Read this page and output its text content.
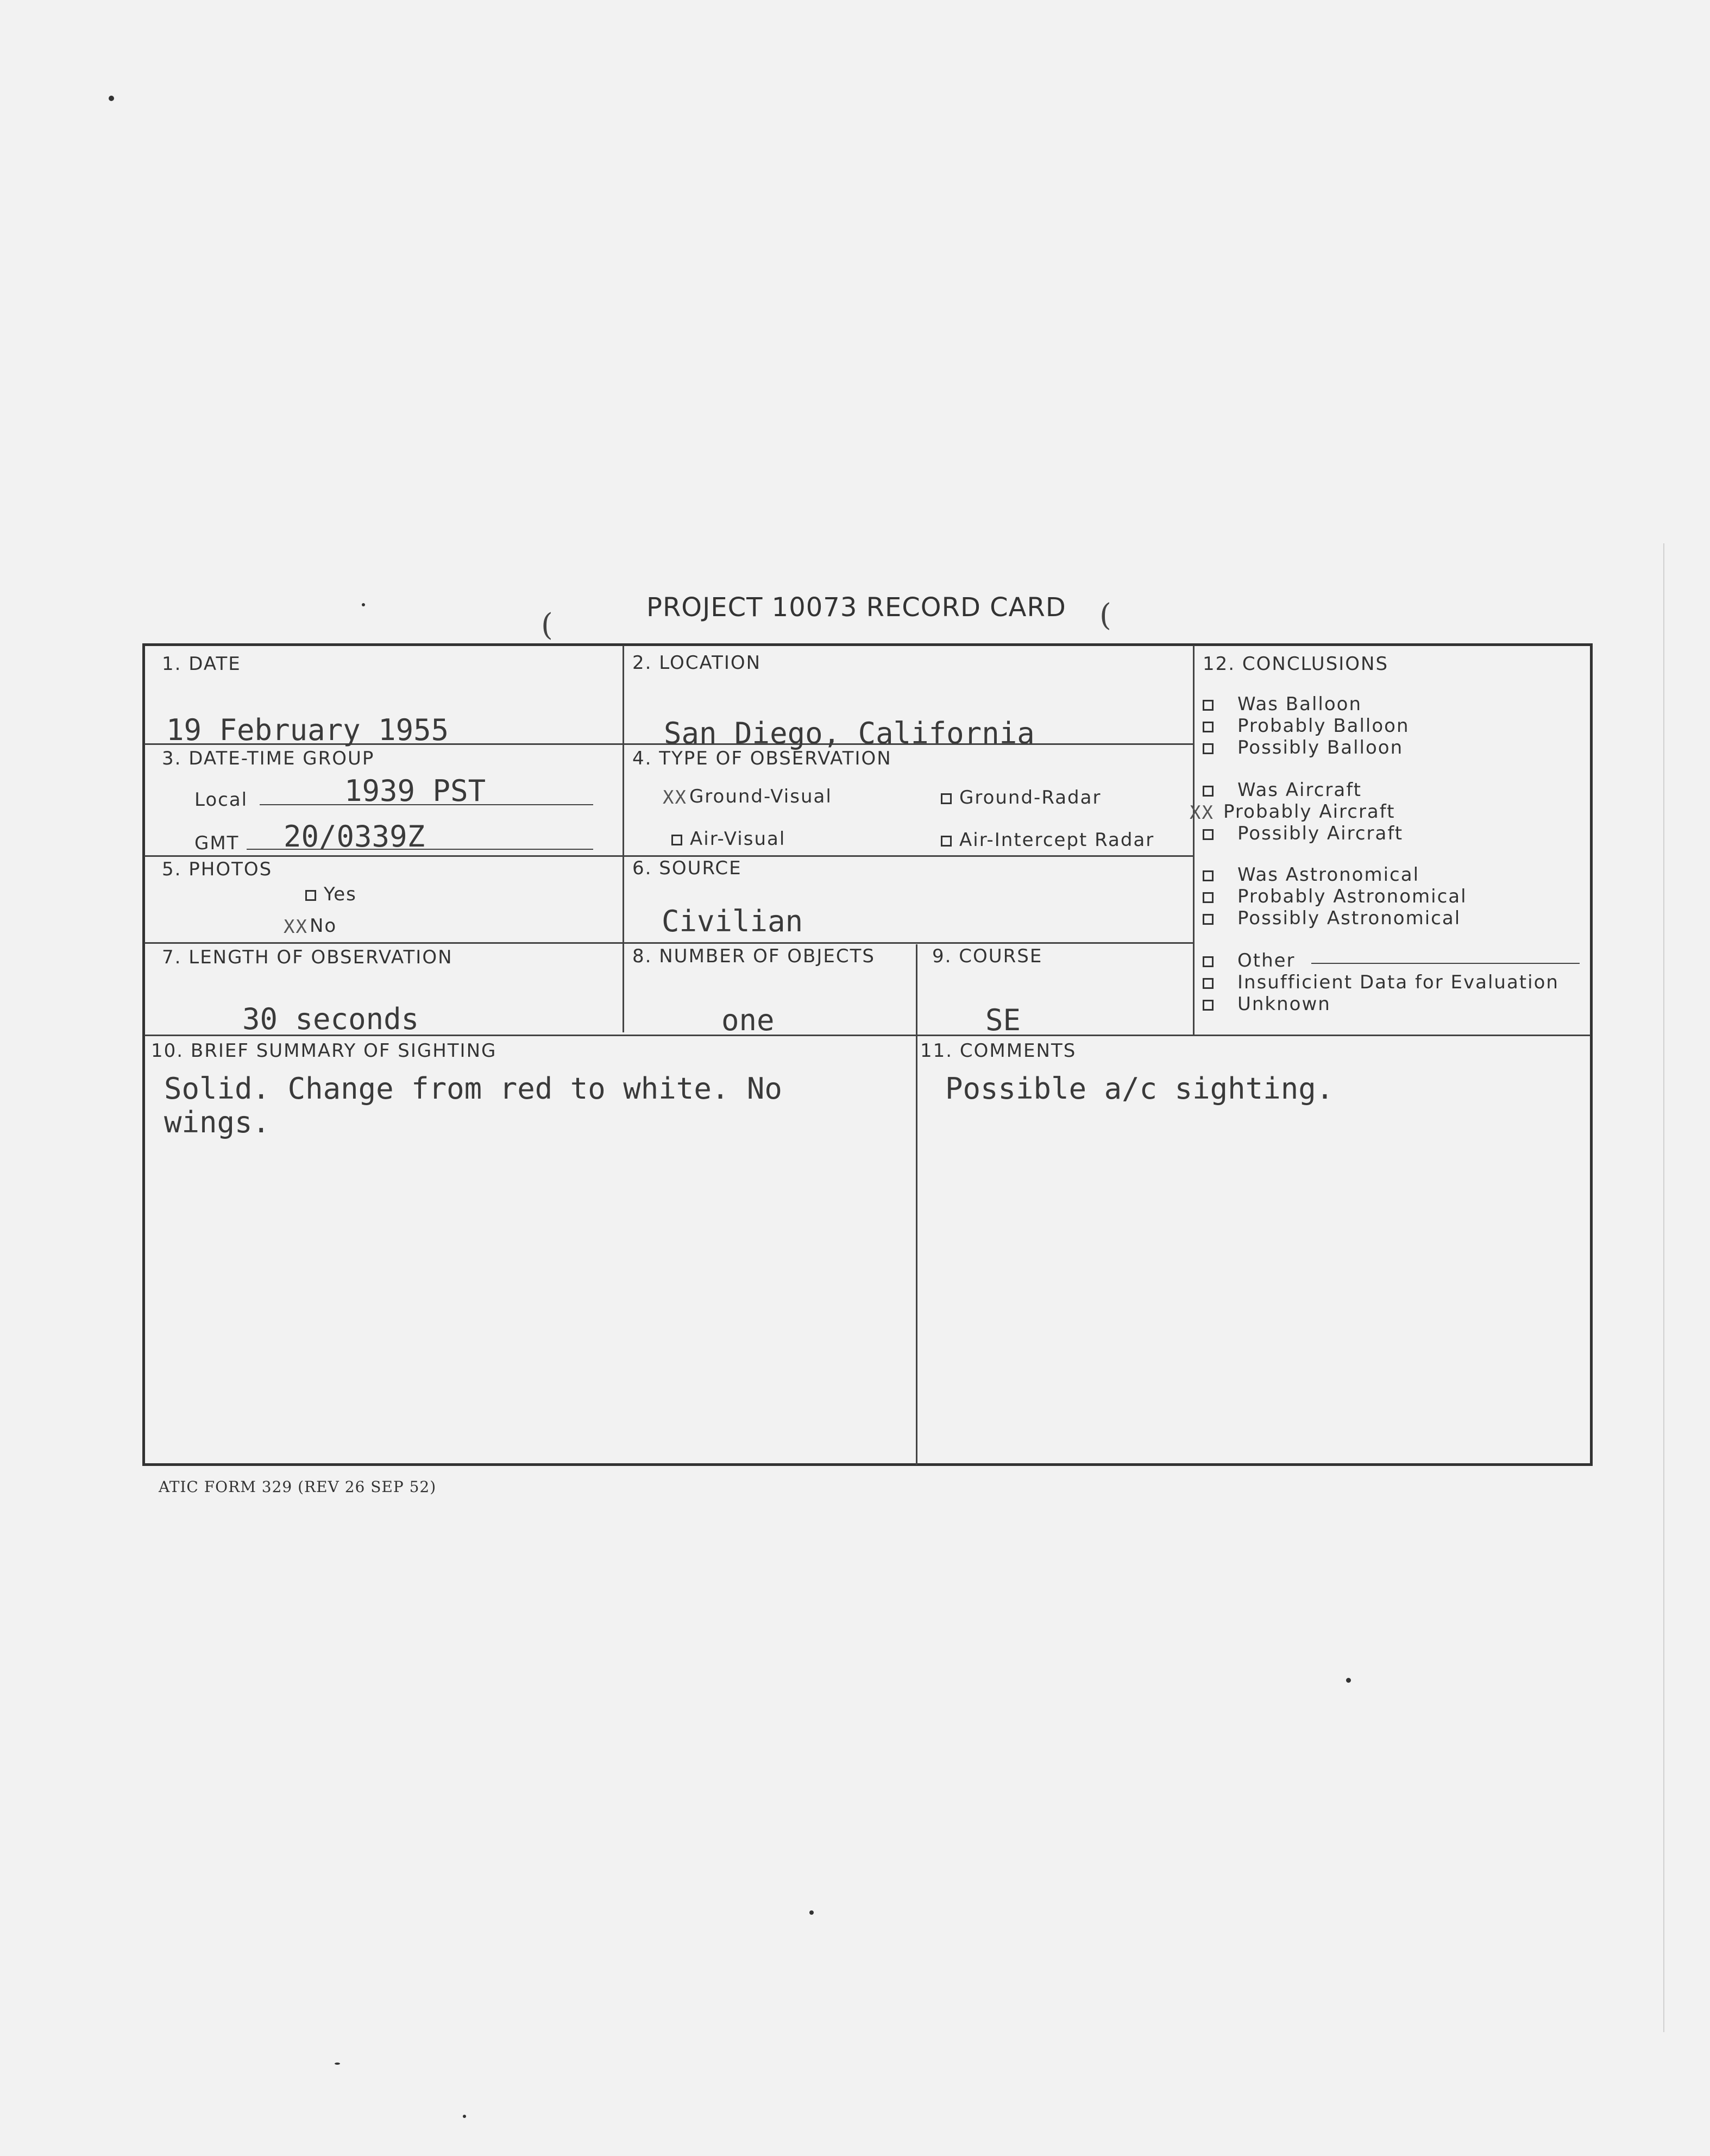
PROJECT 10073 RECORD CARD
(	(
1. DATE
19 February 1955
2. LOCATION
San Diego, California
3. DATE-TIME GROUP
Local	1939 PST
GMT 20/0339Z
4. TYPE OF OBSERVATION
XX Ground-Visual	Ground-Radar
Air-Visual	Air-Intercept Radar
5. PHOTOS
Yes
XXNo
6. SOURCE
Civilian
7. LENGTH OF OBSERVATION
30 seconds
8. NUMBER OF OBJECTS
one
9. COURSE
SE
10. BRIEF SUMMARY OF SIGHTING
Solid. Change from red to white. No
wings.
11. COMMENTS
Possible a/c sighting.
12. CONCLUSIONS
Was Balloon
Probably Balloon
Possibly Balloon
Was Aircraft
XX Probably Aircraft
Possibly Aircraft
Was Astronomical
Probably Astronomical
Possibly Astronomical
Other
Insufficient Data for Evaluation
Unknown
ATIC FORM 329 (REV 26 SEP 52)
